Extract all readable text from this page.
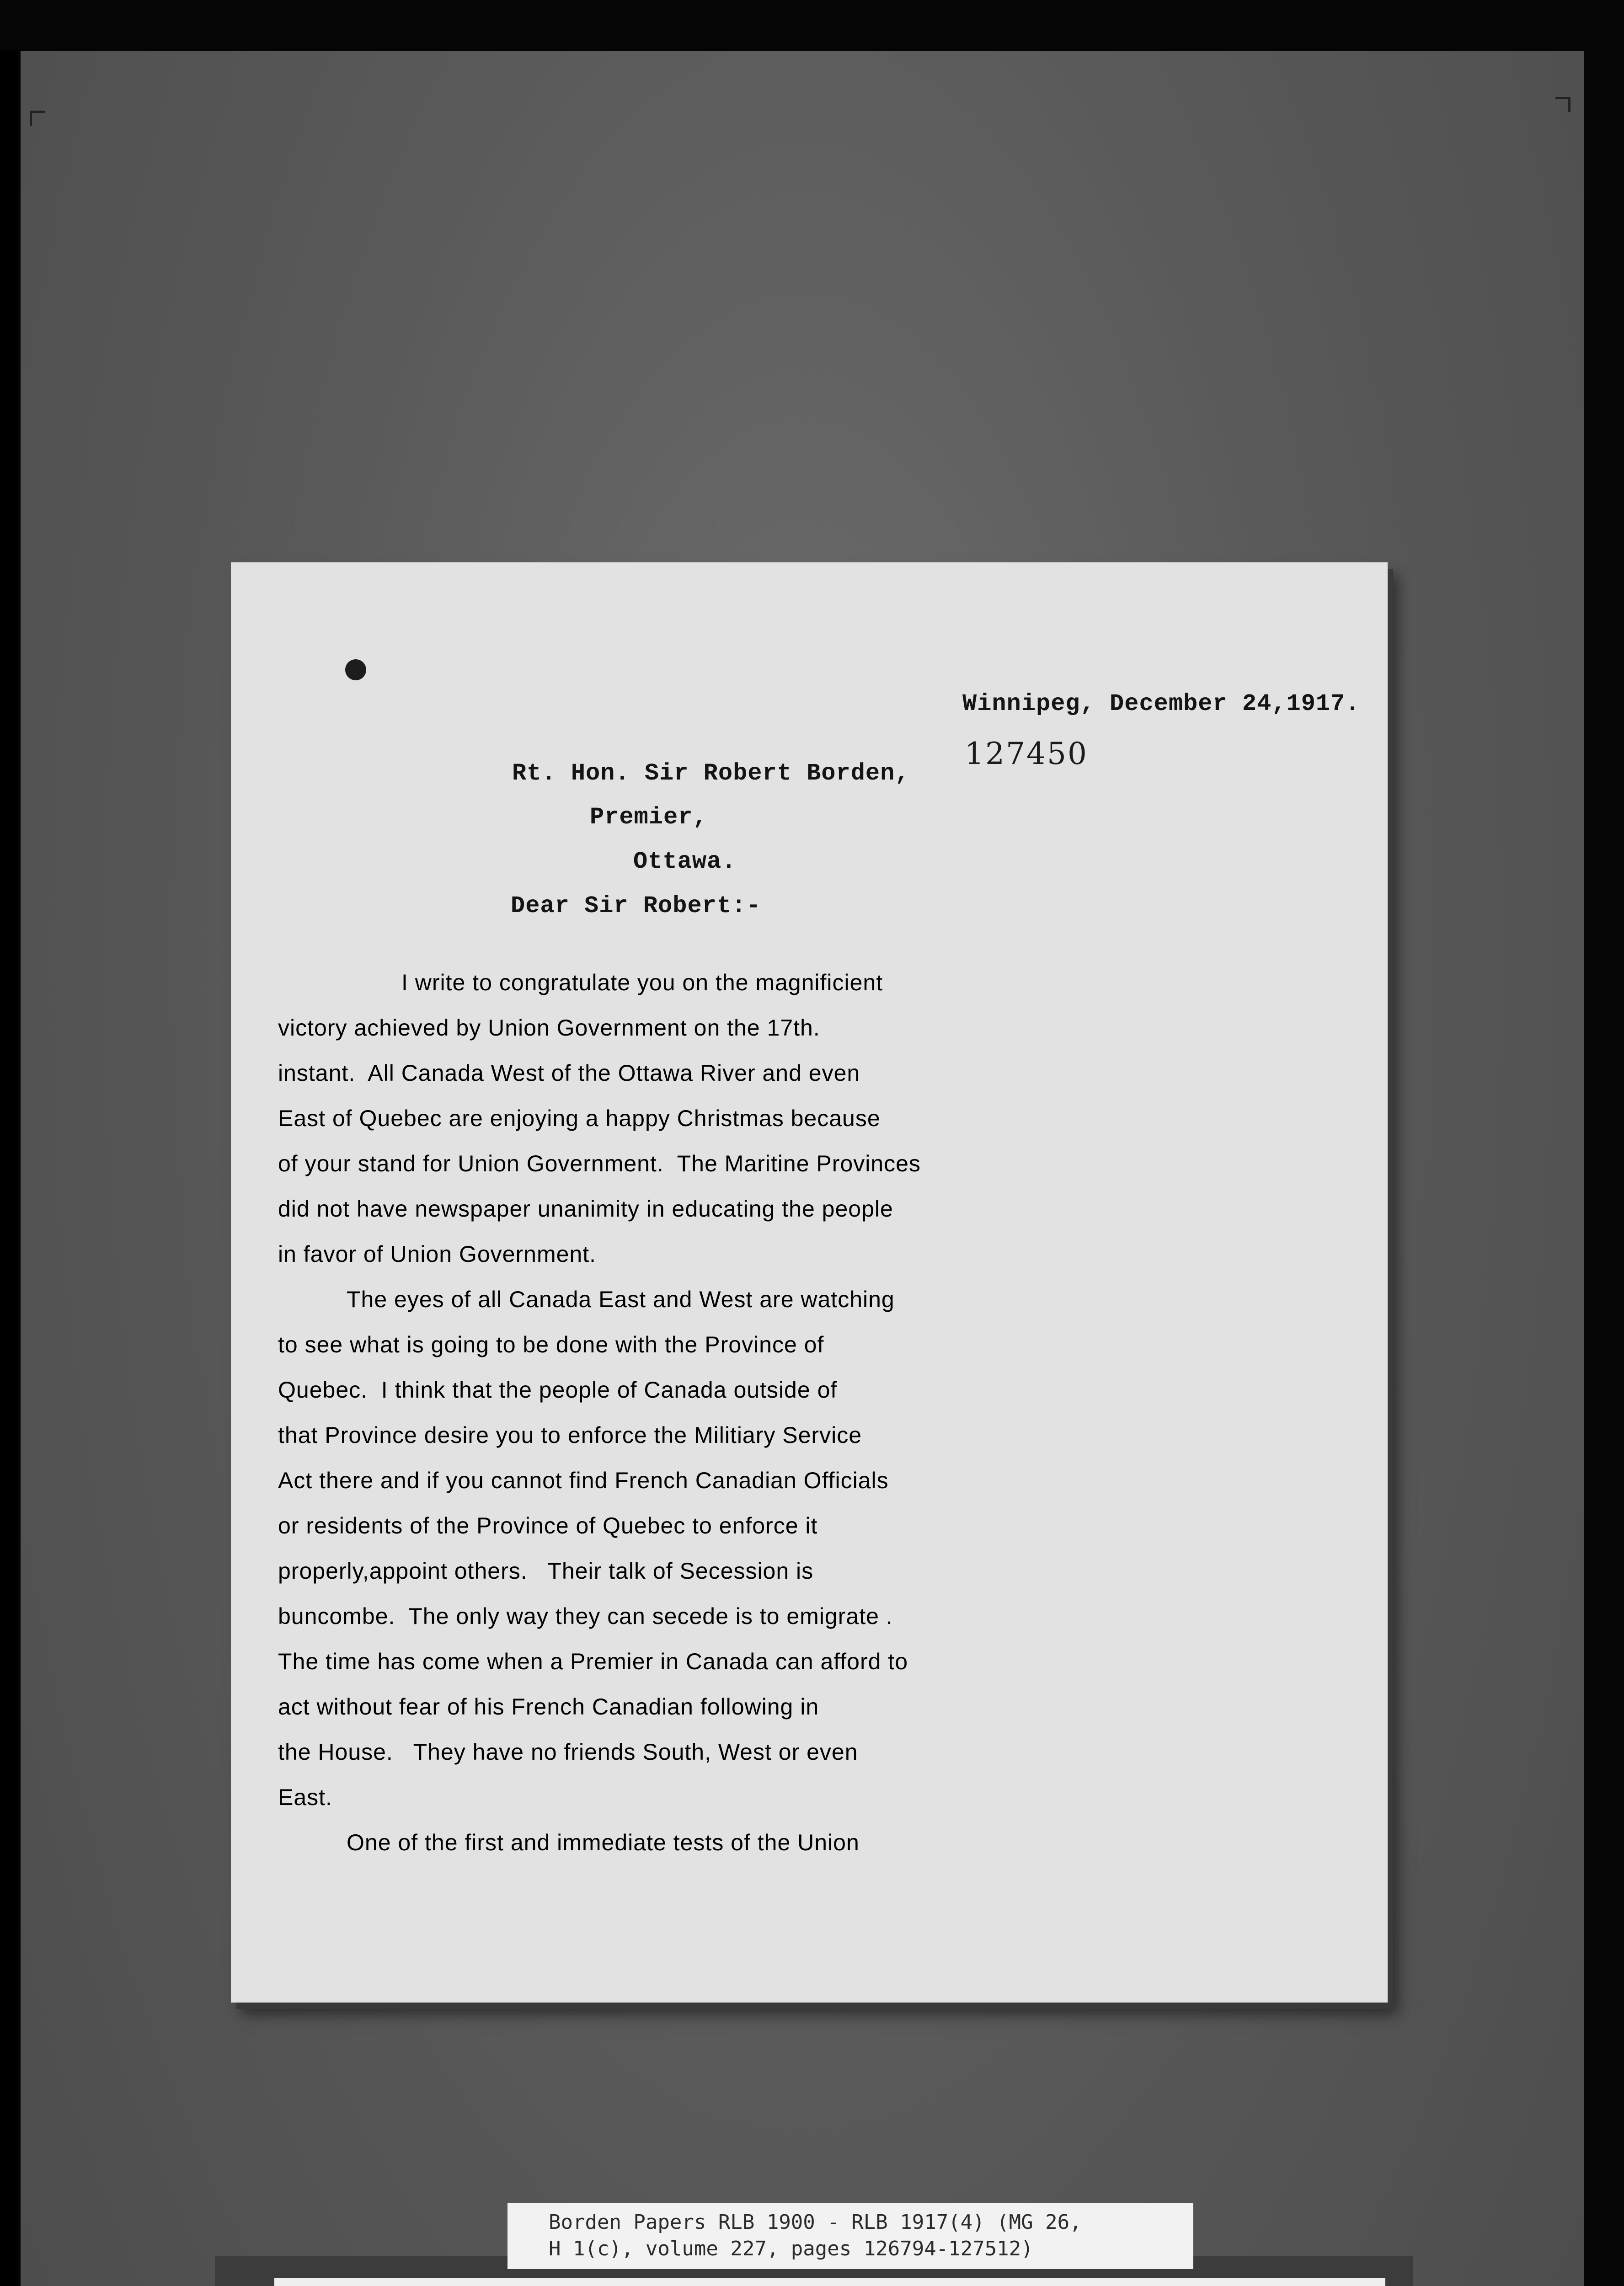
Winnipeg, December 24,1917.
127450
Rt. Hon. Sir Robert Borden,
Premier,
Ottawa.
Dear Sir Robert:-
I write to congratulate you on the magnificient
victory achieved by Union Government on the 17th.
instant.  All Canada West of the Ottawa River and even
East of Quebec are enjoying a happy Christmas because
of your stand for Union Government.  The Maritine Provinces
did not have newspaper unanimity in educating the people
in favor of Union Government.
The eyes of all Canada East and West are watching
to see what is going to be done with the Province of
Quebec.  I think that the people of Canada outside of
that Province desire you to enforce the Militiary Service
Act there and if you cannot find French Canadian Officials
or residents of the Province of Quebec to enforce it
properly,appoint others.   Their talk of Secession is
buncombe.  The only way they can secede is to emigrate .
The time has come when a Premier in Canada can afford to
act without fear of his French Canadian following in
the House.   They have no friends South, West or even
East.
One of the first and immediate tests of the Union
Borden Papers RLB 1900 - RLB 1917(4) (MG 26,
H 1(c), volume 227, pages 126794-127512)
